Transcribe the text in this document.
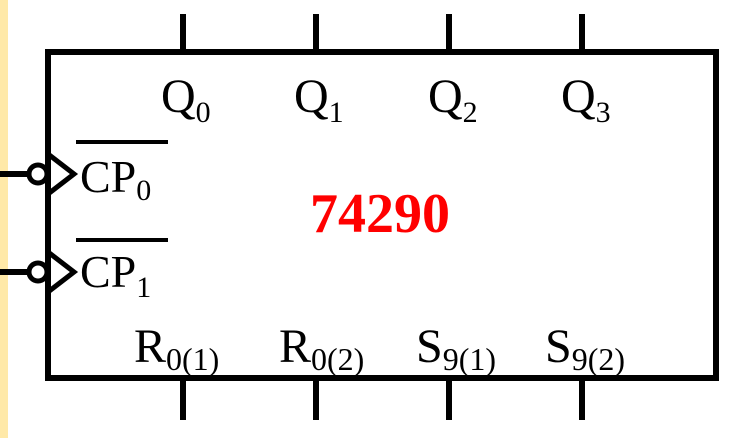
$Q_0$ $Q_1$ $Q_2$ $Q_3$
CP0
$CP_1$
74290
R0(1) R0(2) S9(1) S9(2)
